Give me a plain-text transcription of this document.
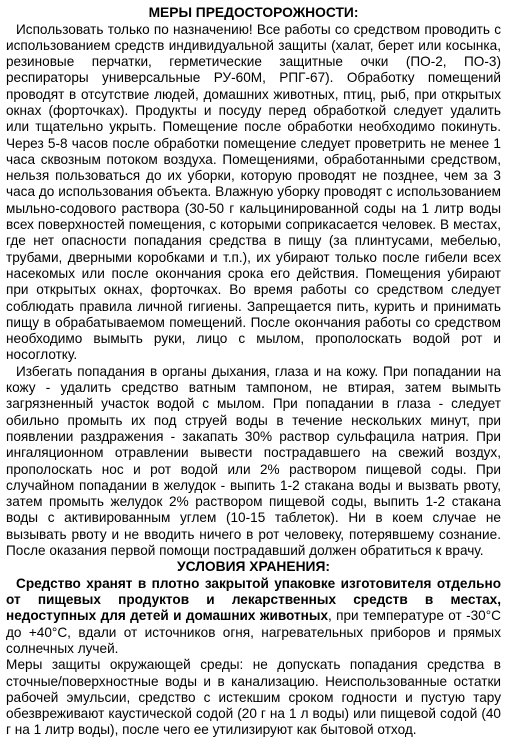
МЕРЫ ПРЕДОСТОРОЖНОСТИ:

Использовать только по назначению! Все работы со средством проводить с использованием средств индивидуальной защиты (халат, берет или косынка, резиновые перчатки, герметические защитные очки (ПО-2, ПО-3) респираторы универсальные РУ-60М, РПГ-67). Обработку помещений проводят в отсутствие людей, домашних животных, птиц, рыб, при открытых окнах (форточках). Продукты и посуду перед обработкой следует удалить или тщательно укрыть. Помещение после обработки необходимо покинуть. Через 5-8 часов после обработки помещение следует проветрить не менее 1 часа сквозным потоком воздуха. Помещениями, обработанными средством, нельзя пользоваться до их уборки, которую проводят не позднее, чем за 3 часа до использования объекта. Влажную уборку проводят с использованием мыльно-содового раствора (30-50 г кальцинированной соды на 1 литр воды всех поверхностей помещения, с которыми соприкасается человек. В местах, где нет опасности попадания средства в пищу (за плинтусами, мебелью, трубами, дверными коробками и т.п.), их убирают только после гибели всех насекомых или после окончания срока его действия. Помещения убирают при открытых окнах, форточках. Во время работы со средством следует соблюдать правила личной гигиены. Запрещается пить, курить и принимать пищу в обрабатываемом помещений. После окончания работы со средством необходимо вымыть руки, лицо с мылом, прополоскать водой рот и носоглотку.

Избегать попадания в органы дыхания, глаза и на кожу. При попадании на кожу - удалить средство ватным тампоном, не втирая, затем вымыть загрязненный участок водой с мылом. При попадании в глаза - следует обильно промыть их под струей воды в течение нескольких минут, при появлении раздражения - закапать 30% раствор сульфацила натрия. При ингаляционном отравлении вывести пострадавшего на свежий воздух, прополоскать нос и рот водой или 2% раствором пищевой соды. При случайном попадании в желудок - выпить 1-2 стакана воды и вызвать рвоту, затем промыть желудок 2% раствором пищевой соды, выпить 1-2 стакана воды с активированным углем (10-15 таблеток). Ни в коем случае не вызывать рвоту и не вводить ничего в рот человеку, потерявшему сознание. После оказания первой помощи пострадавший должен обратиться к врачу.

УСЛОВИЯ ХРАНЕНИЯ:

Средство хранят в плотно закрытой упаковке изготовителя отдельно от пищевых продуктов и лекарственных средств в местах, недоступных для детей и домашних животных, при температуре от -30°С до +40°С, вдали от источников огня, нагревательных приборов и прямых солнечных лучей.

Меры защиты окружающей среды: не допускать попадания средства в сточные/поверхностные воды и в канализацию. Неиспользованные остатки рабочей эмульсии, средство с истекшим сроком годности и пустую тару обезвреживают каустической содой (20 г на 1 л воды) или пищевой содой (40 г на 1 литр воды), после чего ее утилизируют как бытовой отход.
